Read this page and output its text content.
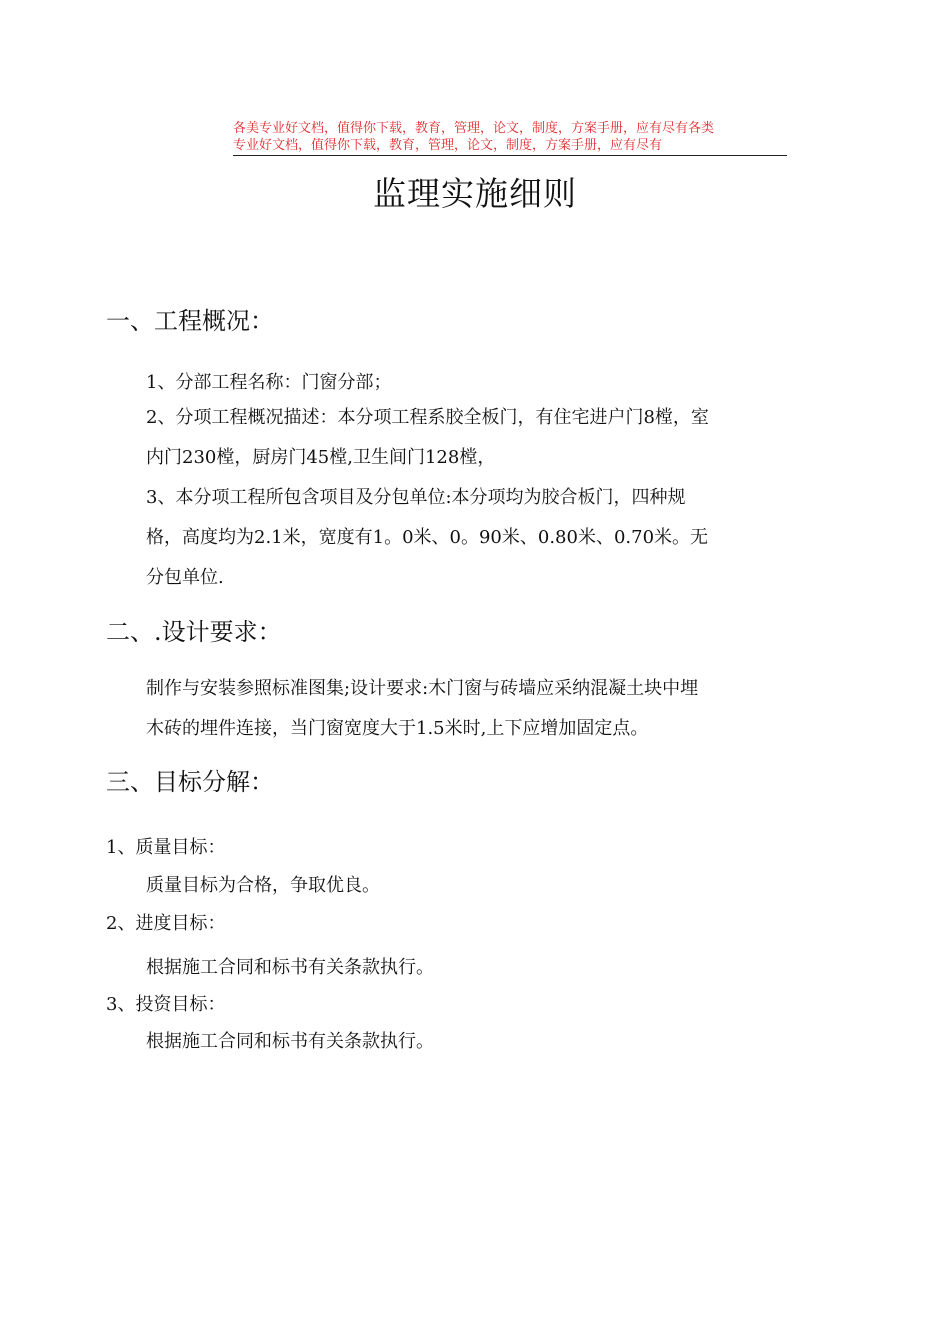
各美专业好文档，值得你下载，教育，管理，论文，制度，方案手册，应有尽有各类
专业好文档，值得你下载，教育，管理，论文，制度，方案手册，应有尽有
监理实施细则
一、工程概况：
1、分部工程名称：门窗分部；
2、分项工程概况描述：本分项工程系胶全板门，有住宅进户门8樘，室
内门230樘，厨房门45樘,卫生间门128樘，
3、本分项工程所包含项目及分包单位:本分项均为胶合板门，四种规
格，高度均为2.1米，宽度有1。0米、0。90米、0.80米、0.70米。无
分包单位.
二、.设计要求：
制作与安装参照标准图集;设计要求:木门窗与砖墙应采纳混凝土块中埋
木砖的埋件连接，当门窗宽度大于1.5米时,上下应增加固定点。
三、目标分解：
1、质量目标：
质量目标为合格，争取优良。
2、进度目标：
根据施工合同和标书有关条款执行。
3、投资目标：
根据施工合同和标书有关条款执行。
